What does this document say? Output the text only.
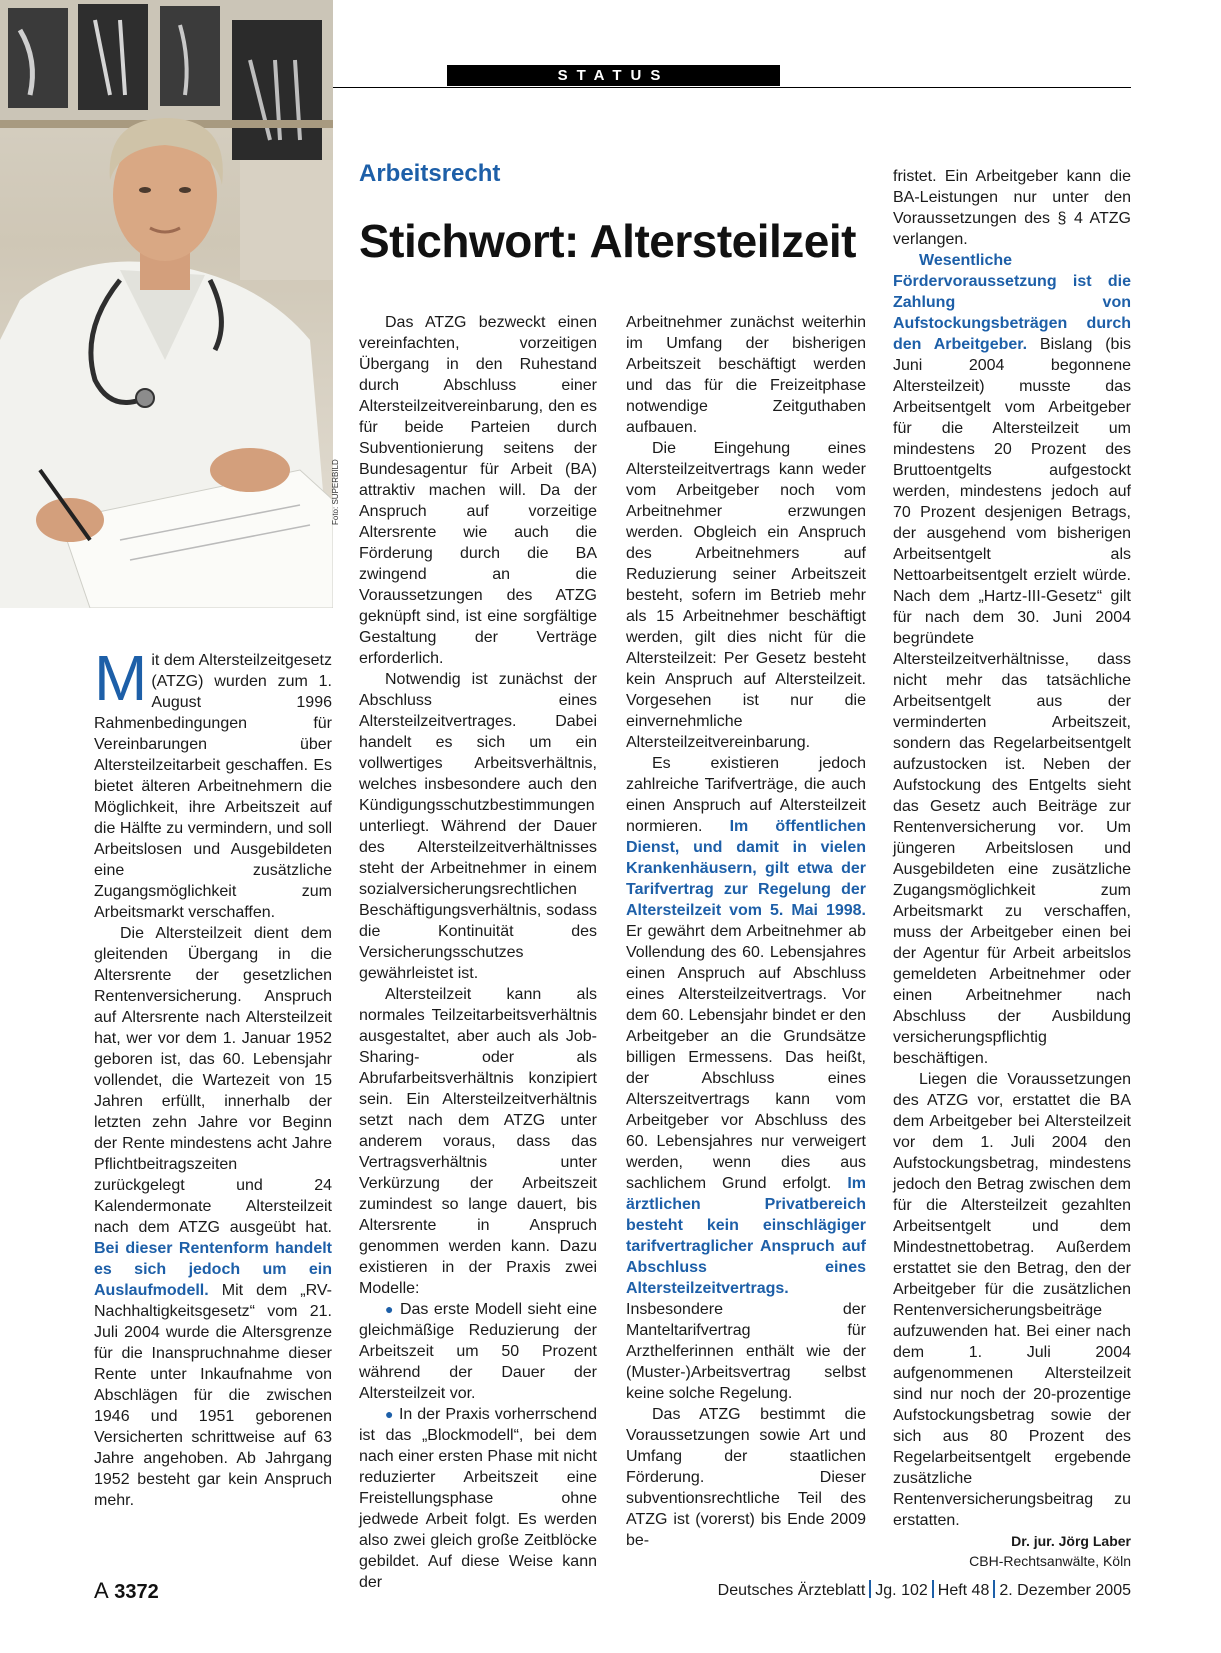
Foto: SUPERBILD
STATUS
Arbeitsrecht
Stichwort: Altersteilzeit

Mit dem Altersteilzeitgesetz (ATZG) wurden zum 1. August 1996 Rahmenbedingungen für Vereinbarungen über Altersteilzeitarbeit geschaffen. Es bietet älteren Arbeitnehmern die Möglichkeit, ihre Arbeitszeit auf die Hälfte zu vermindern, und soll Arbeitslosen und Ausgebildeten eine zusätzliche Zugangsmöglichkeit zum Arbeitsmarkt verschaffen.

Die Altersteilzeit dient dem gleitenden Übergang in die Altersrente der gesetzlichen Rentenversicherung. Anspruch auf Altersrente nach Altersteilzeit hat, wer vor dem 1. Januar 1952 geboren ist, das 60. Lebensjahr vollendet, die Wartezeit von 15 Jahren erfüllt, innerhalb der letzten zehn Jahre vor Beginn der Rente mindestens acht Jahre Pflichtbeitragszeiten zurückgelegt und 24 Kalendermonate Altersteilzeit nach dem ATZG ausgeübt hat. Bei dieser Rentenform handelt es sich jedoch um ein Auslaufmodell. Mit dem „RV-Nachhaltigkeitsgesetz“ vom 21. Juli 2004 wurde die Altersgrenze für die Inanspruchnahme dieser Rente unter Inkaufnahme von Abschlägen für die zwischen 1946 und 1951 geborenen Versicherten schrittweise auf 63 Jahre angehoben. Ab Jahrgang 1952 besteht gar kein Anspruch mehr.

Das ATZG bezweckt einen vereinfachten, vorzeitigen Übergang in den Ruhestand durch Abschluss einer Altersteilzeitvereinbarung, den es für beide Parteien durch Subventionierung seitens der Bundesagentur für Arbeit (BA) attraktiv machen will. Da der Anspruch auf vorzeitige Altersrente wie auch die Förderung durch die BA zwingend an die Voraussetzungen des ATZG geknüpft sind, ist eine sorgfältige Gestaltung der Verträge erforderlich.

Notwendig ist zunächst der Abschluss eines Altersteilzeitvertrages. Dabei handelt es sich um ein vollwertiges Arbeitsverhältnis, welches insbesondere auch den Kündigungsschutzbestimmungen unterliegt. Während der Dauer des Altersteilzeitverhältnisses steht der Arbeitnehmer in einem sozialversicherungsrechtlichen Beschäftigungsverhältnis, sodass die Kontinuität des Versicherungsschutzes gewährleistet ist.

Altersteilzeit kann als normales Teilzeitarbeitsverhältnis ausgestaltet, aber auch als Job-Sharing- oder als Abrufarbeitsverhältnis konzipiert sein. Ein Altersteilzeitverhältnis setzt nach dem ATZG unter anderem voraus, dass das Vertragsverhältnis unter Verkürzung der Arbeitszeit zumindest so lange dauert, bis Altersrente in Anspruch genommen werden kann. Dazu existieren in der Praxis zwei Modelle:

● Das erste Modell sieht eine gleichmäßige Reduzierung der Arbeitszeit um 50 Prozent während der Dauer der Altersteilzeit vor.

● In der Praxis vorherrschend ist das „Blockmodell“, bei dem nach einer ersten Phase mit nicht reduzierter Arbeitszeit eine Freistellungsphase ohne jedwede Arbeit folgt. Es werden also zwei gleich große Zeitblöcke gebildet. Auf diese Weise kann der

Arbeitnehmer zunächst weiterhin im Umfang der bisherigen Arbeitszeit beschäftigt werden und das für die Freizeitphase notwendige Zeitguthaben aufbauen.

Die Eingehung eines Altersteilzeitvertrags kann weder vom Arbeitgeber noch vom Arbeitnehmer erzwungen werden. Obgleich ein Anspruch des Arbeitnehmers auf Reduzierung seiner Arbeitszeit besteht, sofern im Betrieb mehr als 15 Arbeitnehmer beschäftigt werden, gilt dies nicht für die Altersteilzeit: Per Gesetz besteht kein Anspruch auf Altersteilzeit. Vorgesehen ist nur die einvernehmliche Altersteilzeitvereinbarung.

Es existieren jedoch zahlreiche Tarifverträge, die auch einen Anspruch auf Altersteilzeit normieren. Im öffentlichen Dienst, und damit in vielen Krankenhäusern, gilt etwa der Tarifvertrag zur Regelung der Altersteilzeit vom 5. Mai 1998. Er gewährt dem Arbeitnehmer ab Vollendung des 60. Lebensjahres einen Anspruch auf Abschluss eines Altersteilzeitvertrags. Vor dem 60. Lebensjahr bindet er den Arbeitgeber an die Grundsätze billigen Ermessens. Das heißt, der Abschluss eines Alterszeitvertrags kann vom Arbeitgeber vor Abschluss des 60. Lebensjahres nur verweigert werden, wenn dies aus sachlichem Grund erfolgt. Im ärztlichen Privatbereich besteht kein einschlägiger tarifvertraglicher Anspruch auf Abschluss eines Altersteilzeitvertrags. Insbesondere der Manteltarifvertrag für Arzthelferinnen enthält wie der (Muster-)Arbeitsvertrag selbst keine solche Regelung.

Das ATZG bestimmt die Voraussetzungen sowie Art und Umfang der staatlichen Förderung. Dieser subventionsrechtliche Teil des ATZG ist (vorerst) bis Ende 2009 be-

fristet. Ein Arbeitgeber kann die BA-Leistungen nur unter den Voraussetzungen des § 4 ATZG verlangen.

Wesentliche Fördervoraussetzung ist die Zahlung von Aufstockungsbeträgen durch den Arbeitgeber. Bislang (bis Juni 2004 begonnene Altersteilzeit) musste das Arbeitsentgelt vom Arbeitgeber für die Altersteilzeit um mindestens 20 Prozent des Bruttoentgelts aufgestockt werden, mindestens jedoch auf 70 Prozent desjenigen Betrags, der ausgehend vom bisherigen Arbeitsentgelt als Nettoarbeitsentgelt erzielt würde. Nach dem „Hartz-III-Gesetz“ gilt für nach dem 30. Juni 2004 begründete Altersteilzeitverhältnisse, dass nicht mehr das tatsächliche Arbeitsentgelt aus der verminderten Arbeitszeit, sondern das Regelarbeitsentgelt aufzustocken ist. Neben der Aufstockung des Entgelts sieht das Gesetz auch Beiträge zur Rentenversicherung vor. Um jüngeren Arbeitslosen und Ausgebildeten eine zusätzliche Zugangsmöglichkeit zum Arbeitsmarkt zu verschaffen, muss der Arbeitgeber einen bei der Agentur für Arbeit arbeitslos gemeldeten Arbeitnehmer oder einen Arbeitnehmer nach Abschluss der Ausbildung versicherungspflichtig beschäftigen.

Liegen die Voraussetzungen des ATZG vor, erstattet die BA dem Arbeitgeber bei Altersteilzeit vor dem 1. Juli 2004 den Aufstockungsbetrag, mindestens jedoch den Betrag zwischen dem für die Altersteilzeit gezahlten Arbeitsentgelt und dem Mindestnettobetrag. Außerdem erstattet sie den Betrag, den der Arbeitgeber für die zusätzlichen Rentenversicherungsbeiträge aufzuwenden hat. Bei einer nach dem 1. Juli 2004 aufgenommenen Altersteilzeit sind nur noch der 20-prozentige Aufstockungsbetrag sowie der sich aus 80 Prozent des Regelarbeitsentgelt ergebende zusätzliche Rentenversicherungsbeitrag zu erstatten.

Dr. jur. Jörg Laber
CBH-Rechtsanwälte, Köln
A 3372	Deutsches Ärzteblatt Jg. 102 Heft 48 2. Dezember 2005
